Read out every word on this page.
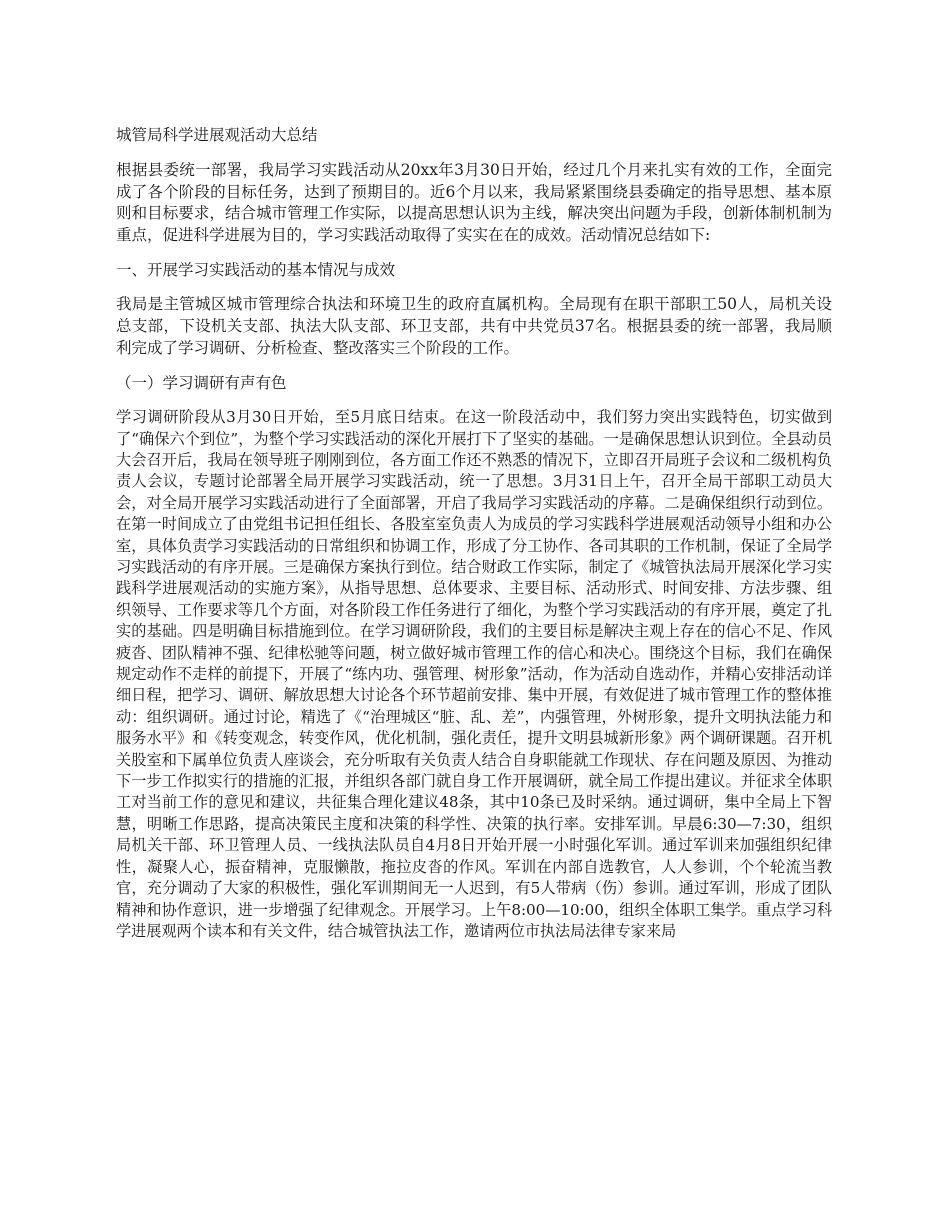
城管局科学进展观活动大总结

根据县委统一部署，我局学习实践活动从20xx年3月30日开始，经过几个月来扎实有效的工作，全面完成了各个阶段的目标任务，达到了预期目的。近6个月以来，我局紧紧围绕县委确定的指导思想、基本原则和目标要求，结合城市管理工作实际，以提高思想认识为主线，解决突出问题为手段，创新体制机制为重点，促进科学进展为目的，学习实践活动取得了实实在在的成效。活动情况总结如下:

一、开展学习实践活动的基本情况与成效

我局是主管城区城市管理综合执法和环境卫生的政府直属机构。全局现有在职干部职工50人，局机关设总支部，下设机关支部、执法大队支部、环卫支部，共有中共党员37名。根据县委的统一部署，我局顺利完成了学习调研、分析检查、整改落实三个阶段的工作。

（一）学习调研有声有色

学习调研阶段从3月30日开始，至5月底日结束。在这一阶段活动中，我们努力突出实践特色，切实做到了“确保六个到位”，为整个学习实践活动的深化开展打下了坚实的基础。一是确保思想认识到位。全县动员大会召开后，我局在领导班子刚刚到位，各方面工作还不熟悉的情况下，立即召开局班子会议和二级机构负责人会议，专题讨论部署全局开展学习实践活动，统一了思想。3月31日上午，召开全局干部职工动员大会，对全局开展学习实践活动进行了全面部署，开启了我局学习实践活动的序幕。二是确保组织行动到位。在第一时间成立了由党组书记担任组长、各股室室负责人为成员的学习实践科学进展观活动领导小组和办公室，具体负责学习实践活动的日常组织和协调工作，形成了分工协作、各司其职的工作机制，保证了全局学习实践活动的有序开展。三是确保方案执行到位。结合财政工作实际，制定了《城管执法局开展深化学习实践科学进展观活动的实施方案》，从指导思想、总体要求、主要目标、活动形式、时间安排、方法步骤、组织领导、工作要求等几个方面，对各阶段工作任务进行了细化，为整个学习实践活动的有序开展，奠定了扎实的基础。四是明确目标措施到位。在学习调研阶段，我们的主要目标是解决主观上存在的信心不足、作风疲沓、团队精神不强、纪律松驰等问题，树立做好城市管理工作的信心和决心。围绕这个目标，我们在确保规定动作不走样的前提下，开展了“练内功、强管理、树形象”活动，作为活动自选动作，并精心安排活动详细日程，把学习、调研、解放思想大讨论各个环节超前安排、集中开展，有效促进了城市管理工作的整体推动：组织调研。通过讨论，精选了《“治理城区“脏、乱、差”，内强管理，外树形象，提升文明执法能力和服务水平》和《转变观念，转变作风，优化机制，强化责任，提升文明县城新形象》两个调研课题。召开机关股室和下属单位负责人座谈会，充分听取有关负责人结合自身职能就工作现状、存在问题及原因、为推动下一步工作拟实行的措施的汇报，并组织各部门就自身工作开展调研，就全局工作提出建议。并征求全体职工对当前工作的意见和建议，共征集合理化建议48条，其中10条已及时采纳。通过调研，集中全局上下智慧，明晰工作思路，提高决策民主度和决策的科学性、决策的执行率。安排军训。早晨6:30—7:30，组织局机关干部、环卫管理人员、一线执法队员自4月8日开始开展一小时强化军训。通过军训来加强组织纪律性，凝聚人心，振奋精神，克服懒散，拖拉皮沓的作风。军训在内部自选教官，人人参训，个个轮流当教官，充分调动了大家的积极性，强化军训期间无一人迟到，有5人带病（伤）参训。通过军训，形成了团队精神和协作意识，进一步增强了纪律观念。开展学习。上午8:00—10:00，组织全体职工集学。重点学习科学进展观两个读本和有关文件，结合城管执法工作，邀请两位市执法局法律专家来局
